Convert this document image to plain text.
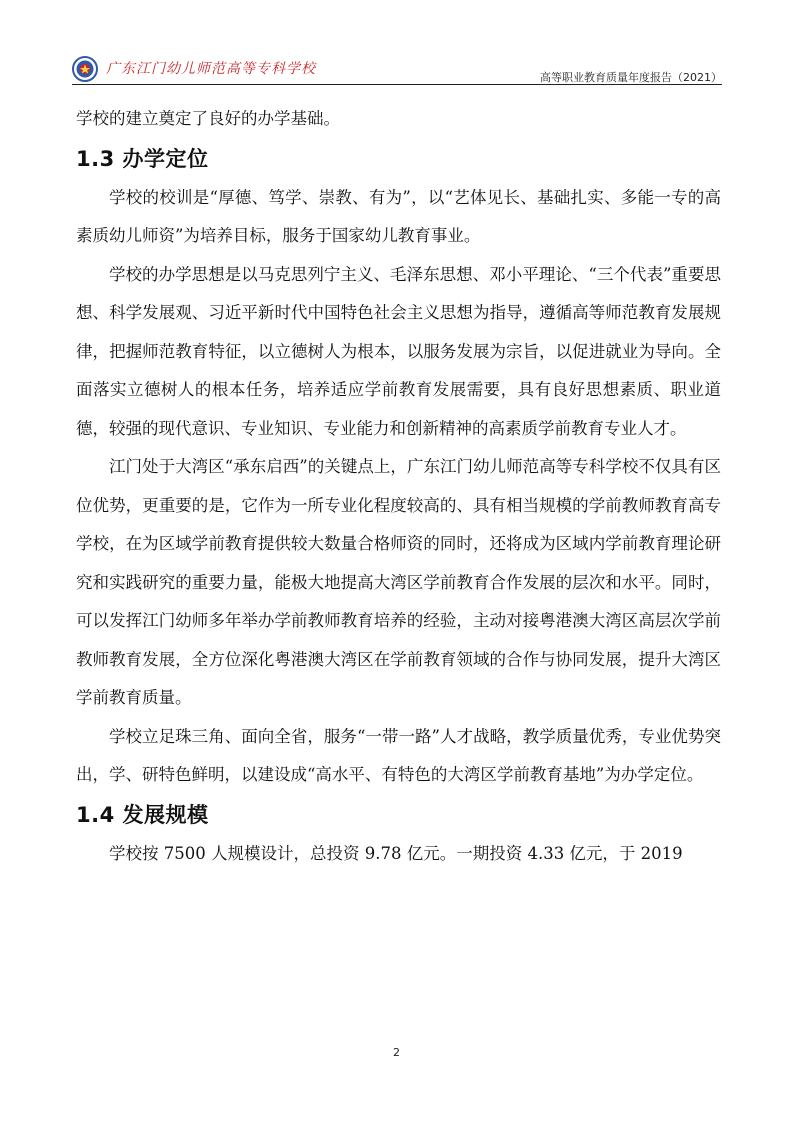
广东江门幼儿师范高等专科学校
高等职业教育质量年度报告（2021）

学校的建立奠定了良好的办学基础。

1.3 办学定位

学校的校训是“厚德、笃学、崇教、有为”，以“艺体见长、基础扎实、多能一专的高素质幼儿师资”为培养目标，服务于国家幼儿教育事业。

学校的办学思想是以马克思列宁主义、毛泽东思想、邓小平理论、“三个代表”重要思想、科学发展观、习近平新时代中国特色社会主义思想为指导，遵循高等师范教育发展规律，把握师范教育特征，以立德树人为根本，以服务发展为宗旨，以促进就业为导向。全面落实立德树人的根本任务，培养适应学前教育发展需要，具有良好思想素质、职业道德，较强的现代意识、专业知识、专业能力和创新精神的高素质学前教育专业人才。

江门处于大湾区“承东启西”的关键点上，广东江门幼儿师范高等专科学校不仅具有区位优势，更重要的是，它作为一所专业化程度较高的、具有相当规模的学前教师教育高专学校，在为区域学前教育提供较大数量合格师资的同时，还将成为区域内学前教育理论研究和实践研究的重要力量，能极大地提高大湾区学前教育合作发展的层次和水平。同时，可以发挥江门幼师多年举办学前教师教育培养的经验，主动对接粤港澳大湾区高层次学前教师教育发展，全方位深化粤港澳大湾区在学前教育领域的合作与协同发展，提升大湾区学前教育质量。

学校立足珠三角、面向全省，服务“一带一路”人才战略，教学质量优秀，专业优势突出，学、研特色鲜明，以建设成“高水平、有特色的大湾区学前教育基地”为办学定位。

1.4 发展规模

学校按 7500 人规模设计，总投资 9.78 亿元。一期投资 4.33 亿元，于 2019

2
